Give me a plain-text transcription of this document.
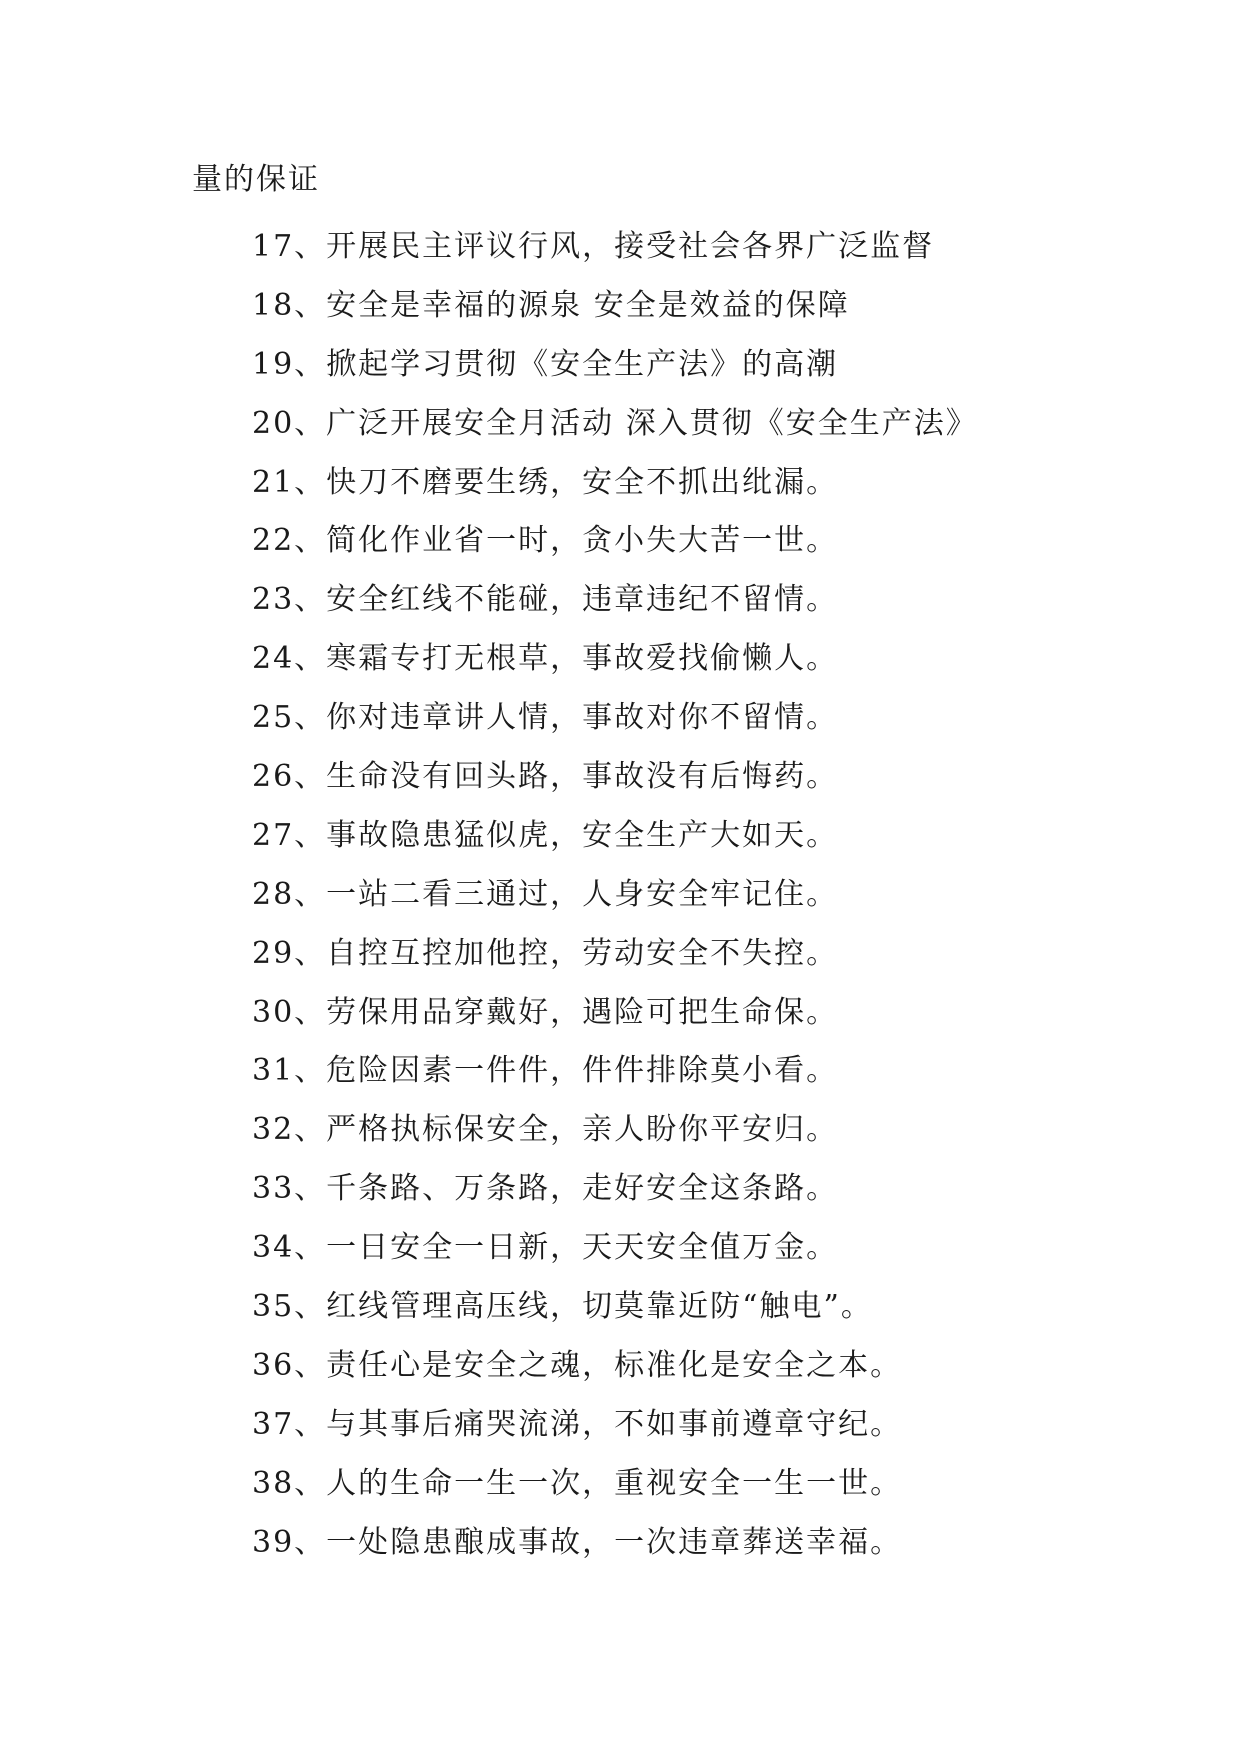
量的保证
17、开展民主评议行风，接受社会各界广泛监督
18、安全是幸福的源泉 安全是效益的保障
19、掀起学习贯彻《安全生产法》的高潮
20、广泛开展安全月活动 深入贯彻《安全生产法》
21、快刀不磨要生绣，安全不抓出纰漏。
22、简化作业省一时，贪小失大苦一世。
23、安全红线不能碰，违章违纪不留情。
24、寒霜专打无根草，事故爱找偷懒人。
25、你对违章讲人情，事故对你不留情。
26、生命没有回头路，事故没有后悔药。
27、事故隐患猛似虎，安全生产大如天。
28、一站二看三通过，人身安全牢记住。
29、自控互控加他控，劳动安全不失控。
30、劳保用品穿戴好，遇险可把生命保。
31、危险因素一件件，件件排除莫小看。
32、严格执标保安全，亲人盼你平安归。
33、千条路、万条路，走好安全这条路。
34、一日安全一日新，天天安全值万金。
35、红线管理高压线，切莫靠近防“触电”。
36、责任心是安全之魂，标准化是安全之本。
37、与其事后痛哭流涕，不如事前遵章守纪。
38、人的生命一生一次，重视安全一生一世。
39、一处隐患酿成事故，一次违章葬送幸福。
